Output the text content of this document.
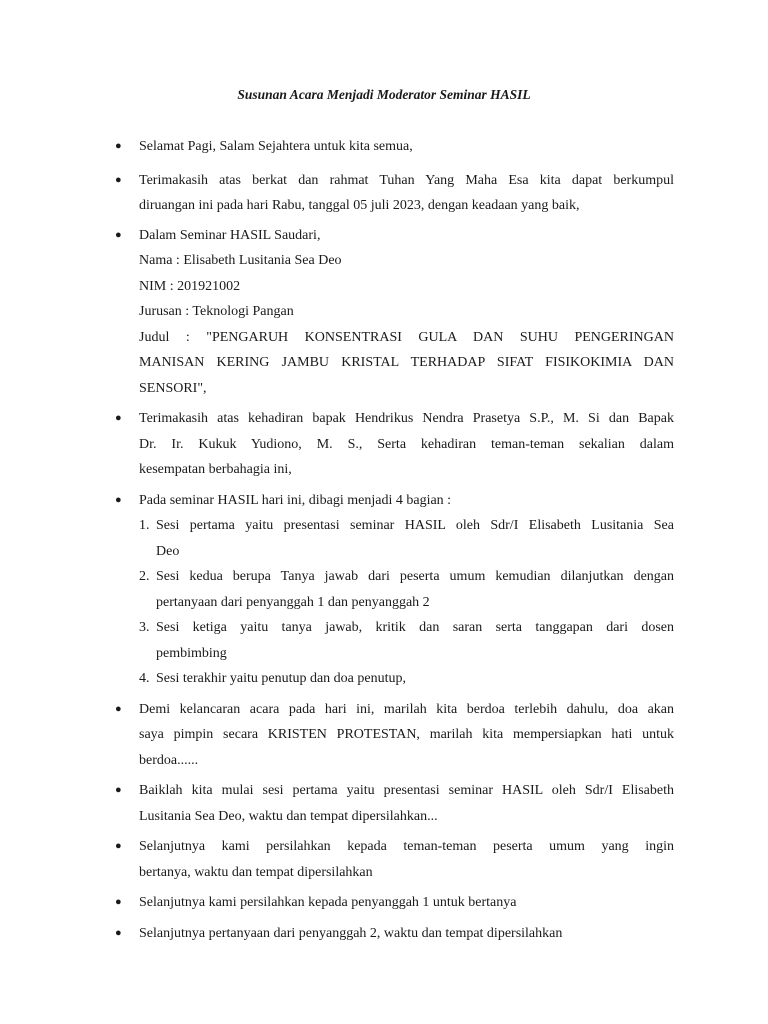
Susunan Acara Menjadi Moderator Seminar HASIL
● Selamat Pagi, Salam Sejahtera untuk kita semua,
● Terimakasih atas berkat dan rahmat Tuhan Yang Maha Esa kita dapat berkumpul
diruangan ini pada hari Rabu, tanggal 05 juli 2023, dengan keadaan yang baik,
● Dalam Seminar HASIL Saudari,
Nama : Elisabeth Lusitania Sea Deo
NIM : 201921002
Jurusan : Teknologi Pangan
Judul : "PENGARUH KONSENTRASI GULA DAN SUHU PENGERINGAN
MANISAN KERING JAMBU KRISTAL TERHADAP SIFAT FISIKOKIMIA DAN
SENSORI",
● Terimakasih atas kehadiran bapak Hendrikus Nendra Prasetya S.P., M. Si dan Bapak
Dr. Ir. Kukuk Yudiono, M. S., Serta kehadiran teman-teman sekalian dalam
kesempatan berbahagia ini,
● Pada seminar HASIL hari ini, dibagi menjadi 4 bagian :
1. Sesi pertama yaitu presentasi seminar HASIL oleh Sdr/I Elisabeth Lusitania Sea
Deo
2. Sesi kedua berupa Tanya jawab dari peserta umum kemudian dilanjutkan dengan
pertanyaan dari penyanggah 1 dan penyanggah 2
3. Sesi ketiga yaitu tanya jawab, kritik dan saran serta tanggapan dari dosen
pembimbing
4. Sesi terakhir yaitu penutup dan doa penutup,
● Demi kelancaran acara pada hari ini, marilah kita berdoa terlebih dahulu, doa akan
saya pimpin secara KRISTEN PROTESTAN, marilah kita mempersiapkan hati untuk
berdoa......
● Baiklah kita mulai sesi pertama yaitu presentasi seminar HASIL oleh Sdr/I Elisabeth
Lusitania Sea Deo, waktu dan tempat dipersilahkan...
● Selanjutnya kami persilahkan kepada teman-teman peserta umum yang ingin
bertanya, waktu dan tempat dipersilahkan
● Selanjutnya kami persilahkan kepada penyanggah 1 untuk bertanya
● Selanjutnya pertanyaan dari penyanggah 2, waktu dan tempat dipersilahkan
